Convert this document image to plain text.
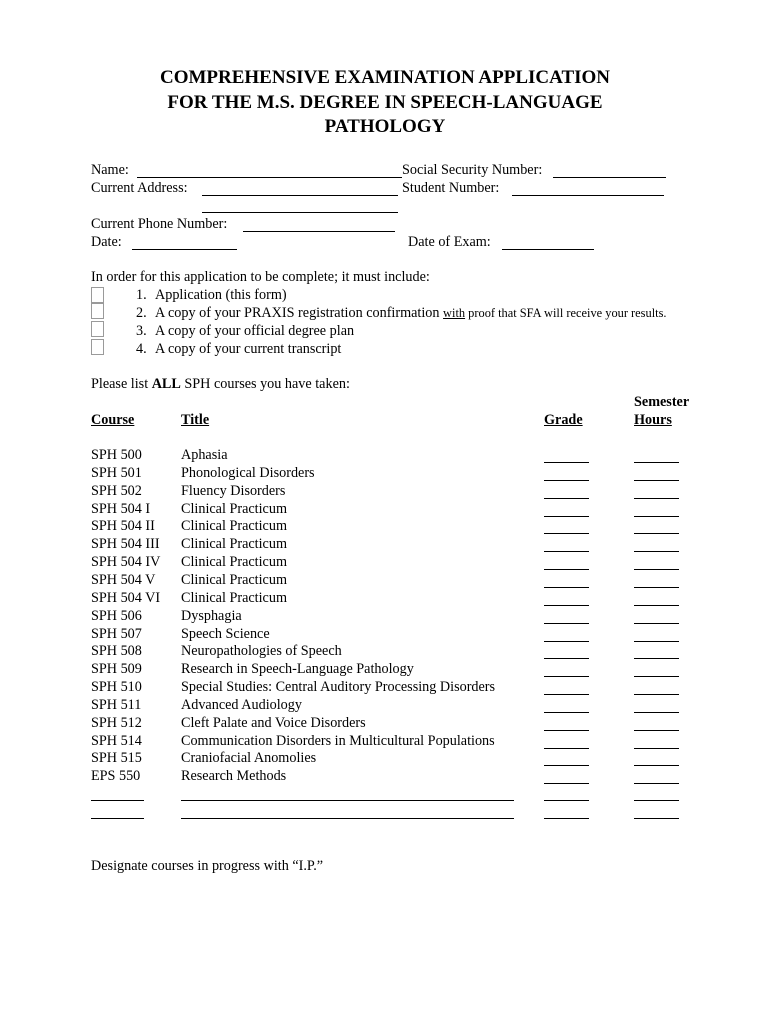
COMPREHENSIVE EXAMINATION APPLICATION
FOR THE M.S. DEGREE IN SPEECH-LANGUAGE
PATHOLOGY
Name:	Social Security Number:
Current Address:	Student Number:
Current Phone Number:
Date:	Date of Exam:
In order for this application to be complete; it must include:
1. Application (this form)
2. A copy of your PRAXIS registration confirmation with proof that SFA will receive your results.
3. A copy of your official degree plan
4. A copy of your current transcript
Please list ALL SPH courses you have taken:
Semester
Course	Title	Grade	Hours
SPH 500	Aphasia
SPH 501	Phonological Disorders
SPH 502	Fluency Disorders
SPH 504 I Clinical Practicum
SPH 504 II Clinical Practicum
SPH 504 III Clinical Practicum
SPH 504 IV Clinical Practicum
SPH 504 V Clinical Practicum
SPH 504 VI Clinical Practicum
SPH 506	Dysphagia
SPH 507	Speech Science
SPH 508	Neuropathologies of Speech
SPH 509	Research in Speech-Language Pathology
SPH 510	Special Studies: Central Auditory Processing Disorders
SPH 511	Advanced Audiology
SPH 512	Cleft Palate and Voice Disorders
SPH 514	Communication Disorders in Multicultural Populations
SPH 515	Craniofacial Anomolies
EPS 550	Research Methods
Designate courses in progress with “I.P.”
